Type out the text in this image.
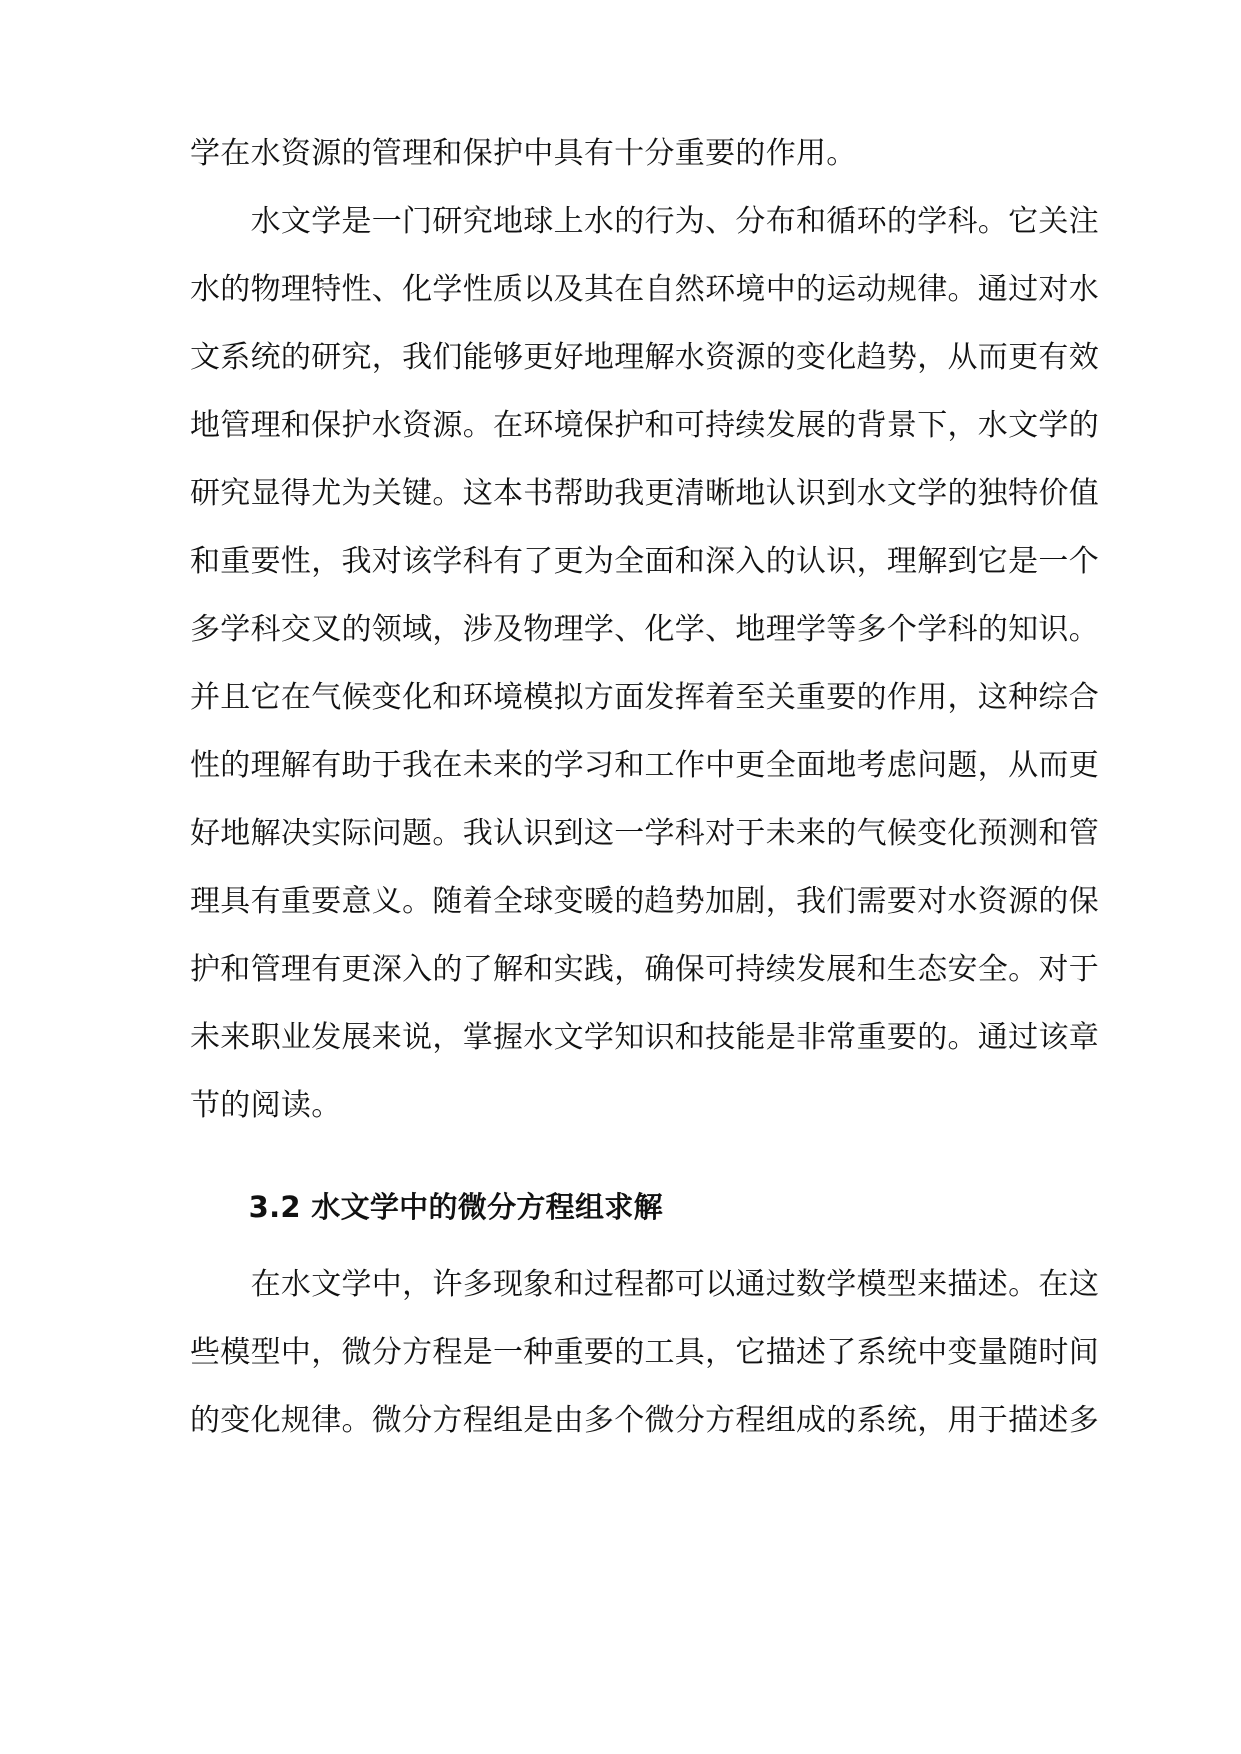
学在水资源的管理和保护中具有十分重要的作用。
　　水文学是一门研究地球上水的行为、分布和循环的学科。它关注
水的物理特性、化学性质以及其在自然环境中的运动规律。通过对水
文系统的研究，我们能够更好地理解水资源的变化趋势，从而更有效
地管理和保护水资源。在环境保护和可持续发展的背景下，水文学的
研究显得尤为关键。这本书帮助我更清晰地认识到水文学的独特价值
和重要性，我对该学科有了更为全面和深入的认识，理解到它是一个
多学科交叉的领域，涉及物理学、化学、地理学等多个学科的知识。
并且它在气候变化和环境模拟方面发挥着至关重要的作用，这种综合
性的理解有助于我在未来的学习和工作中更全面地考虑问题，从而更
好地解决实际问题。我认识到这一学科对于未来的气候变化预测和管
理具有重要意义。随着全球变暖的趋势加剧，我们需要对水资源的保
护和管理有更深入的了解和实践，确保可持续发展和生态安全。对于
未来职业发展来说，掌握水文学知识和技能是非常重要的。通过该章
节的阅读。
　　3.2 水文学中的微分方程组求解
　　在水文学中，许多现象和过程都可以通过数学模型来描述。在这
些模型中，微分方程是一种重要的工具，它描述了系统中变量随时间
的变化规律。微分方程组是由多个微分方程组成的系统，用于描述多
